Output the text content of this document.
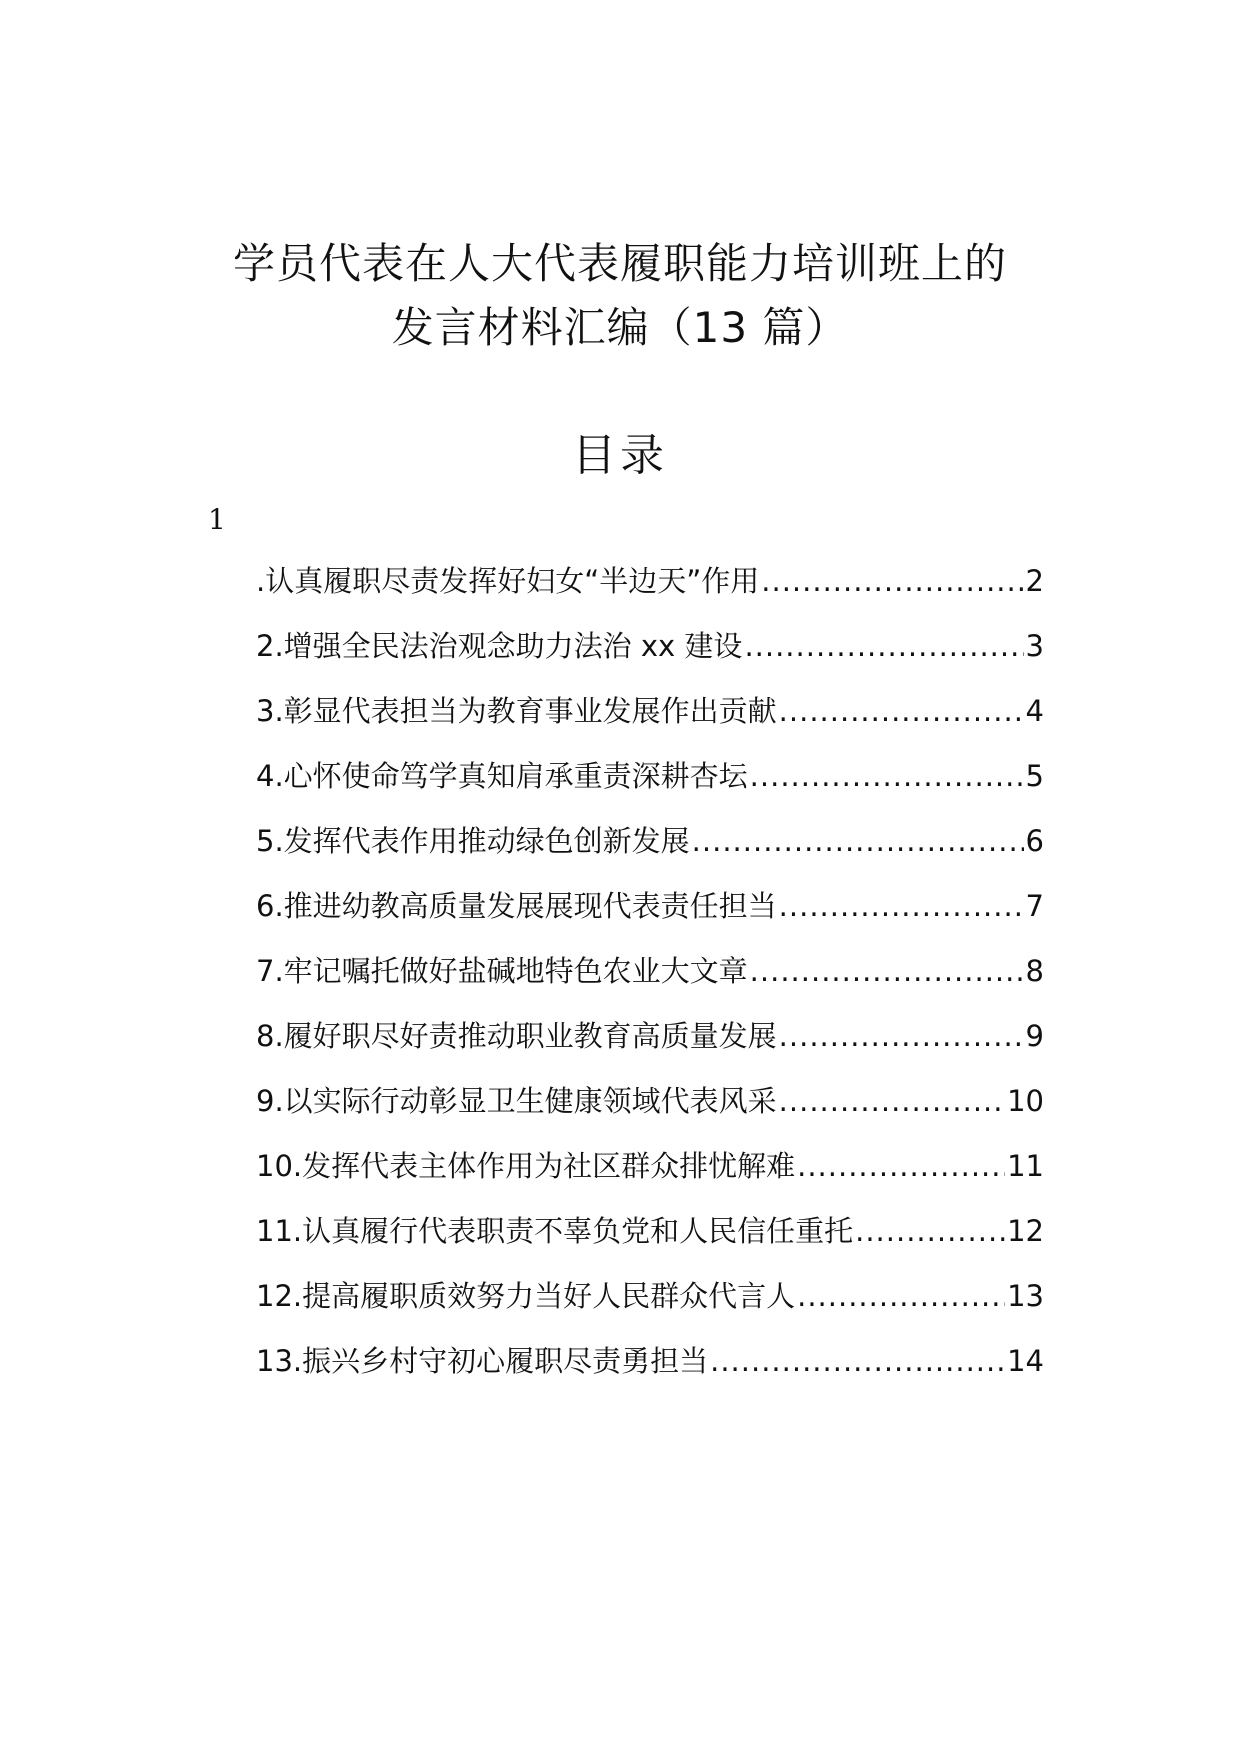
学员代表在人大代表履职能力培训班上的
发言材料汇编（13 篇）
目录
1
.认真履职尽责发挥好妇女“半边天”作用 .....	2
2.增强全民法治观念助力法治 xx 建设 .....	3
3.彰显代表担当为教育事业发展作出贡献 .....	4
4.心怀使命笃学真知肩承重责深耕杏坛 .....	5
5.发挥代表作用推动绿色创新发展 .....	6
6.推进幼教高质量发展展现代表责任担当 .....	7
7.牢记嘱托做好盐碱地特色农业大文章 .....	8
8.履好职尽好责推动职业教育高质量发展 .....	9
9.以实际行动彰显卫生健康领域代表风采 .....	10
10.发挥代表主体作用为社区群众排忧解难 .....	11
11.认真履行代表职责不辜负党和人民信任重托 .....	12
12.提高履职质效努力当好人民群众代言人 .....	13
13.振兴乡村守初心履职尽责勇担当 .....	14
